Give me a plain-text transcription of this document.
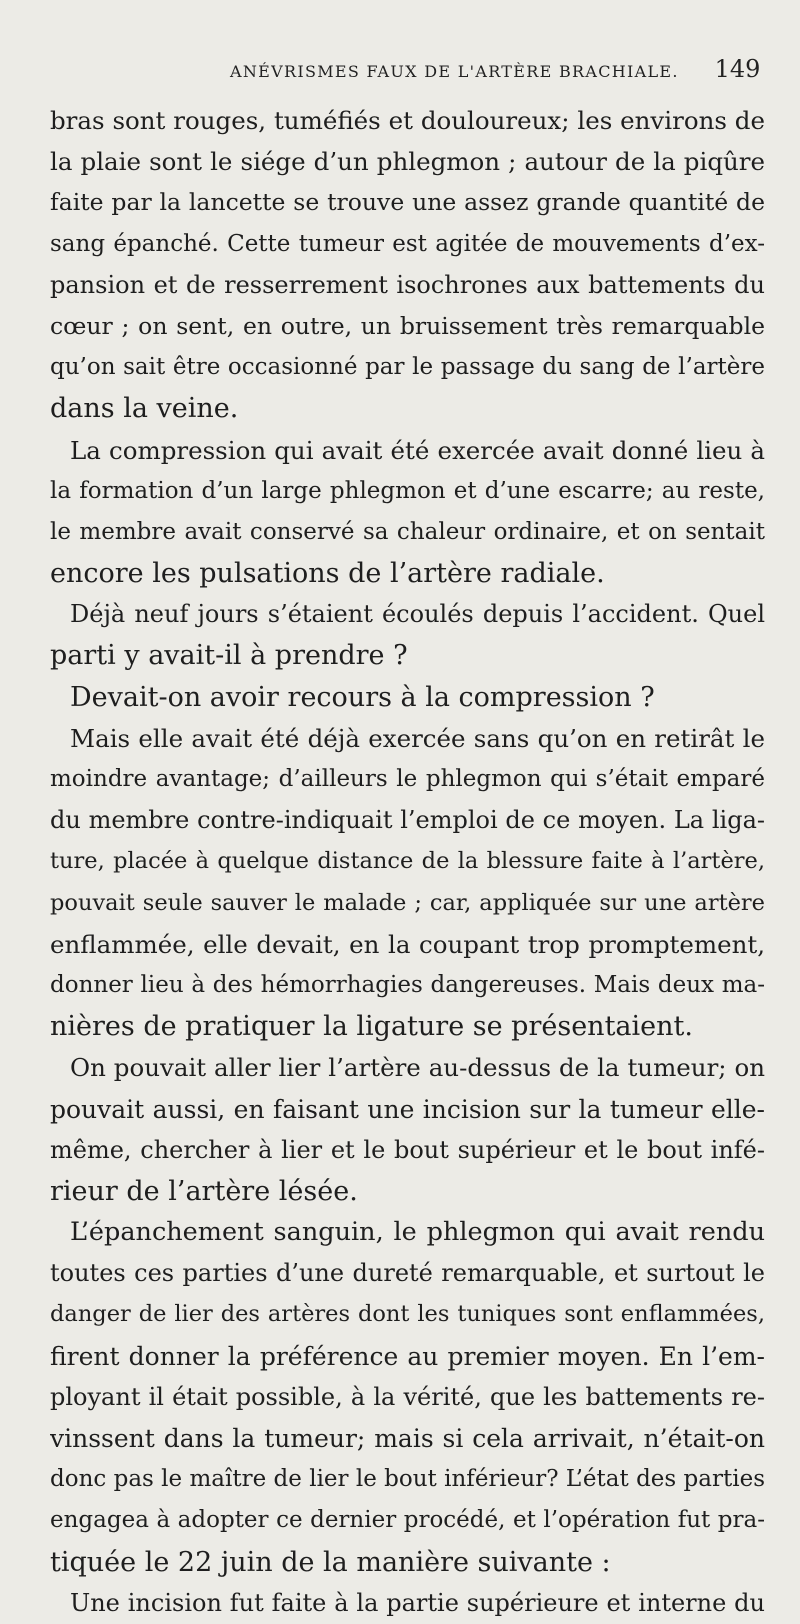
ANÉVRISMES FAUX DE L'ARTÈRE BRACHIALE. 149
bras sont rouges, tuméfiés et douloureux; les environs de
la plaie sont le siége d’un phlegmon ; autour de la piqûre
faite par la lancette se trouve une assez grande quantité de
sang épanché. Cette tumeur est agitée de mouvements d’ex-
pansion et de resserrement isochrones aux battements du
cœur ; on sent, en outre, un bruissement très remarquable
qu’on sait être occasionné par le passage du sang de l’artère
dans la veine.
La compression qui avait été exercée avait donné lieu à
la formation d’un large phlegmon et d’une escarre; au reste,
le membre avait conservé sa chaleur ordinaire, et on sentait
encore les pulsations de l’artère radiale.
Déjà neuf jours s’étaient écoulés depuis l’accident. Quel
parti y avait-il à prendre ?
Devait-on avoir recours à la compression ?
Mais elle avait été déjà exercée sans qu’on en retirât le
moindre avantage; d’ailleurs le phlegmon qui s’était emparé
du membre contre-indiquait l’emploi de ce moyen. La liga-
ture, placée à quelque distance de la blessure faite à l’artère,
pouvait seule sauver le malade ; car, appliquée sur une artère
enflammée, elle devait, en la coupant trop promptement,
donner lieu à des hémorrhagies dangereuses. Mais deux ma-
nières de pratiquer la ligature se présentaient.
On pouvait aller lier l’artère au-dessus de la tumeur; on
pouvait aussi, en faisant une incision sur la tumeur elle-
même, chercher à lier et le bout supérieur et le bout infé-
rieur de l’artère lésée.
L’épanchement sanguin, le phlegmon qui avait rendu
toutes ces parties d’une dureté remarquable, et surtout le
danger de lier des artères dont les tuniques sont enflammées,
firent donner la préférence au premier moyen. En l’em-
ployant il était possible, à la vérité, que les battements re-
vinssent dans la tumeur; mais si cela arrivait, n’était-on
donc pas le maître de lier le bout inférieur? L’état des parties
engagea à adopter ce dernier procédé, et l’opération fut pra-
tiquée le 22 juin de la manière suivante :
Une incision fut faite à la partie supérieure et interne du
